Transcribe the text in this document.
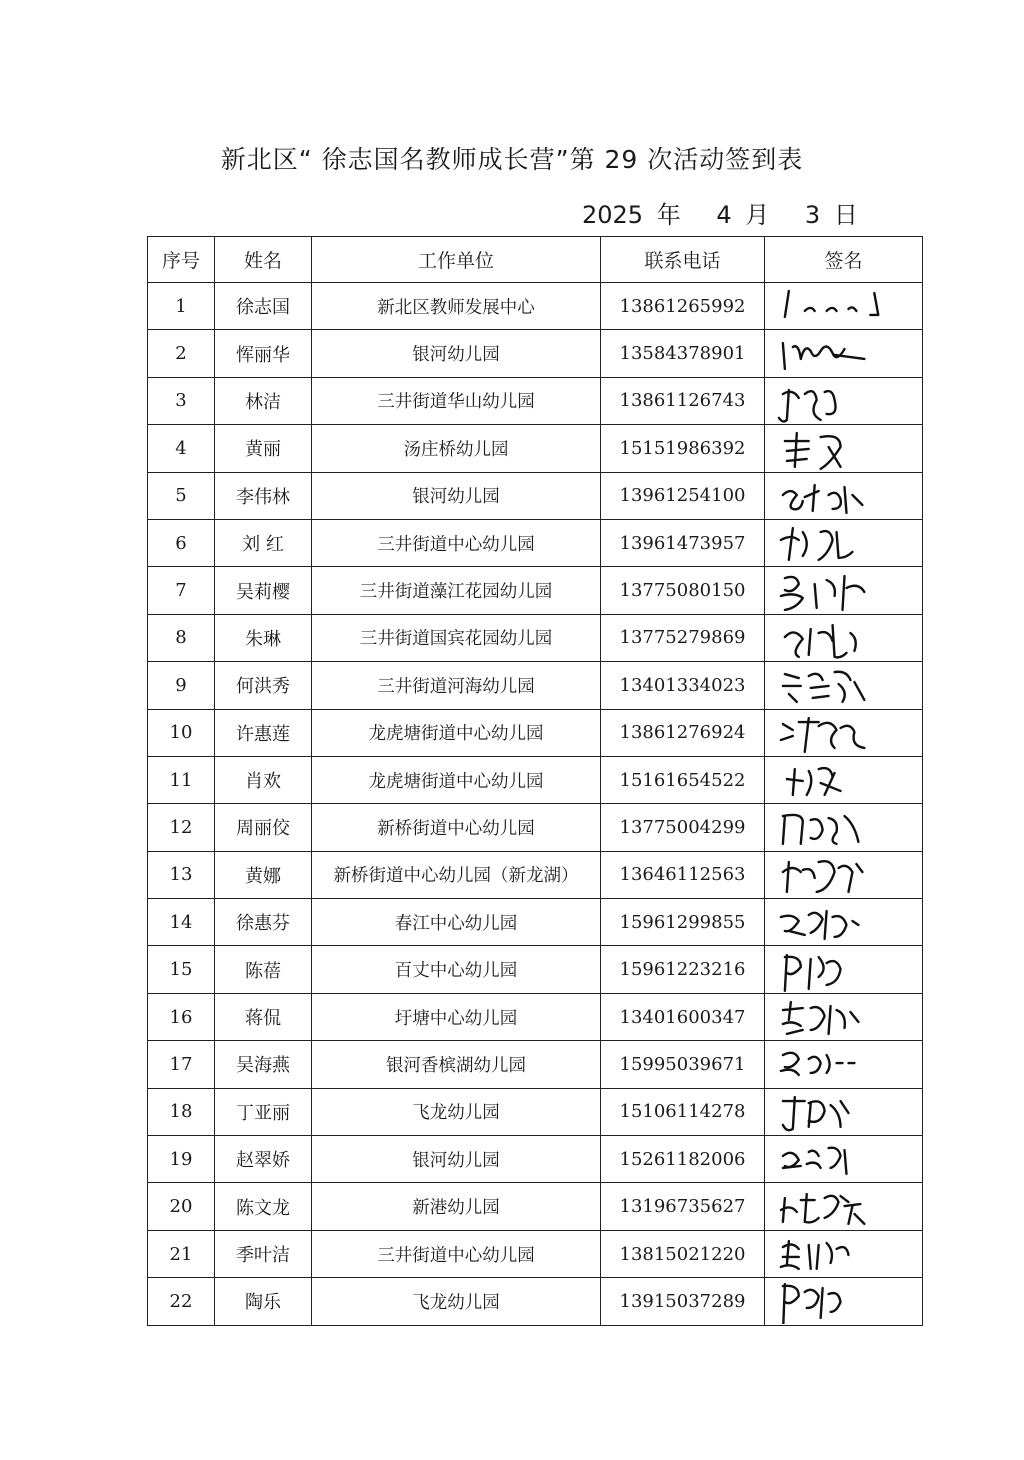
新北区“ 徐志国名教师成长营”第 29 次活动签到表
2025 年 4 月 3 日
序号	姓名	工作单位	联系电话	签名
1	徐志国	新北区教师发展中心	13861265992	

2	恽丽华	银河幼儿园	13584378901	

3	林洁	三井街道华山幼儿园	13861126743	

4	黄丽	汤庄桥幼儿园	15151986392	

5	李伟林	银河幼儿园	13961254100	

6	刘 红	三井街道中心幼儿园	13961473957	

7	吴莉樱	三井街道藻江花园幼儿园	13775080150	

8	朱琳	三井街道国宾花园幼儿园	13775279869	

9	何洪秀	三井街道河海幼儿园	13401334023	

10	许惠莲	龙虎塘街道中心幼儿园	13861276924	

11	肖欢	龙虎塘街道中心幼儿园	15161654522	

12	周丽佼	新桥街道中心幼儿园	13775004299	

13	黄娜	新桥街道中心幼儿园（新龙湖）	13646112563	

14	徐惠芬	春江中心幼儿园	15961299855	

15	陈蓓	百丈中心幼儿园	15961223216	

16	蒋侃	圩塘中心幼儿园	13401600347	

17	吴海燕	银河香槟湖幼儿园	15995039671	

18	丁亚丽	飞龙幼儿园	15106114278	

19	赵翠娇	银河幼儿园	15261182006	

20	陈文龙	新港幼儿园	13196735627	

21	季叶洁	三井街道中心幼儿园	13815021220	

22	陶乐	飞龙幼儿园	13915037289	
